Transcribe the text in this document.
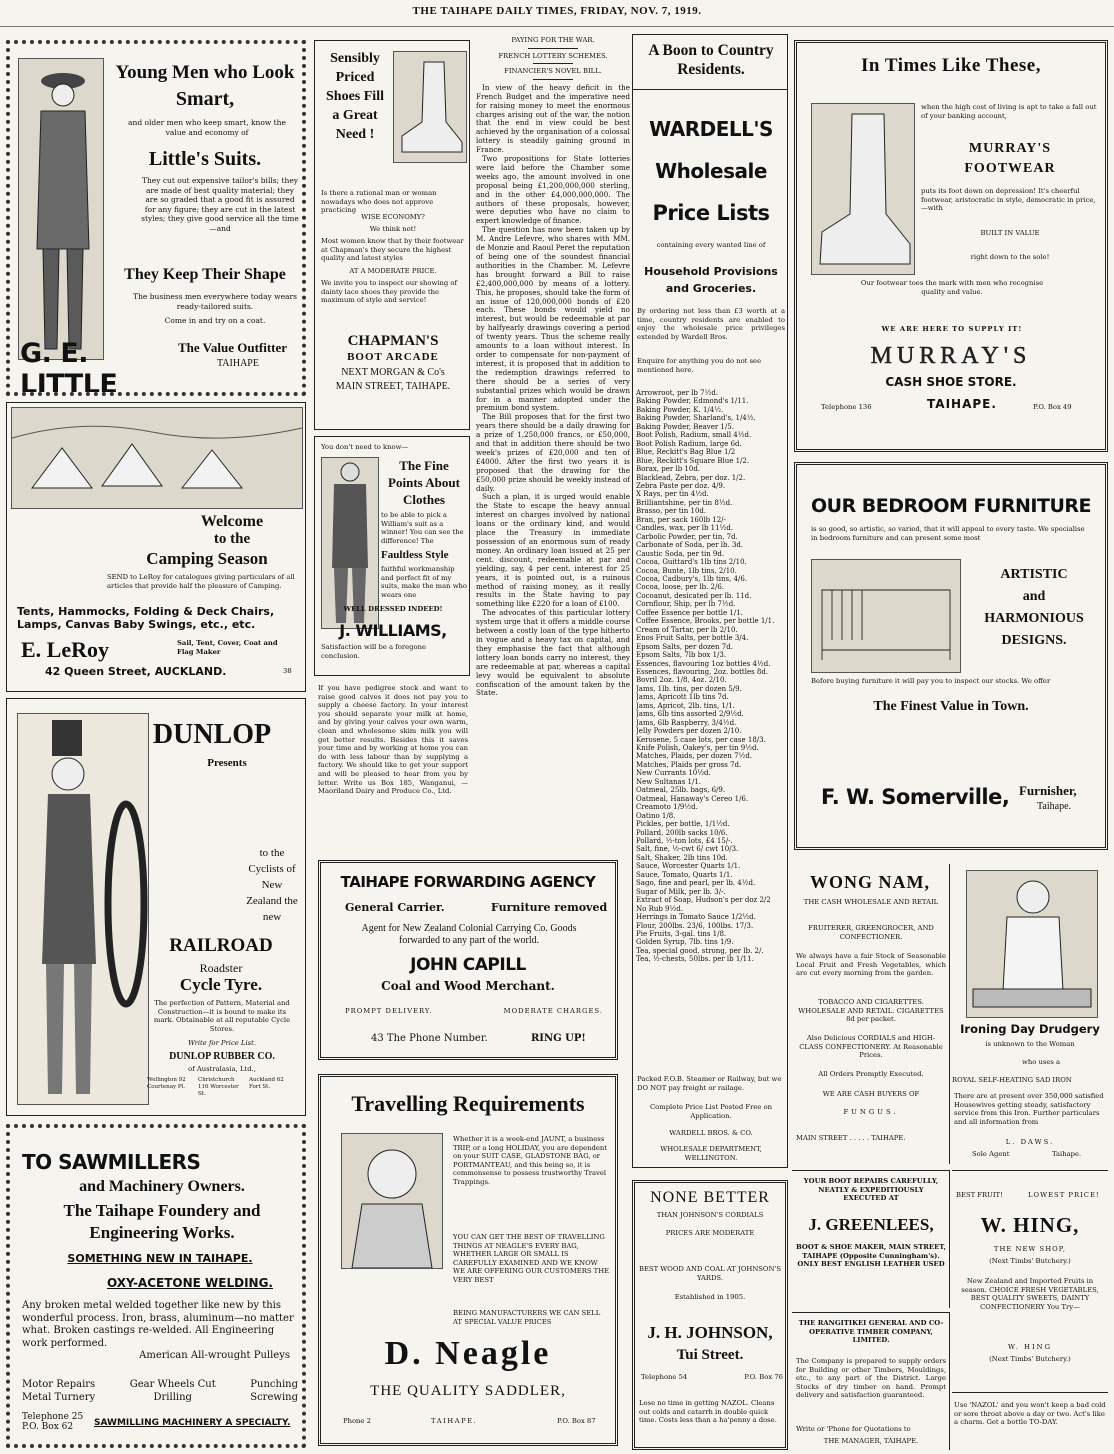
THE TAIHAPE DAILY TIMES, FRIDAY, NOV. 7, 1919.
Young Men who Look
Smart,
and older men who keep smart, know the value and economy of
Little's Suits.
They cut out expensive tailor's bills; they are made of best quality material; they are so graded that a good fit is assured for any figure; they are cut in the latest styles; they give good service all the time—and
They Keep Their Shape
The business men everywhere today wears ready-tailored suits.
Come in and try on a coat.
G. E. LITTLE
The Value Outfitter
TAIHAPE
Welcome
to the
Camping Season
SEND to LeRoy for catalogues giving particulars of all articles that provide half the pleasure of Camping.
Tents, Hammocks, Folding & Deck Chairs, Lamps, Canvas Baby Swings, etc., etc.
E. LeRoy	Sail, Tent, Cover, Coat and Flag Maker
42 Queen Street, AUCKLAND.	38
DUNLOP
Presents
to the Cyclists of New Zealand the new
RAILROAD
Roadster
Cycle Tyre.
The perfection of Pattern, Material and Construction—it is bound to make its mark. Obtainable at all reputable Cycle Stores.
Write for Price List.
DUNLOP RUBBER CO.
of Australasia, Ltd.,
Wellington 92 Courtenay Pl.
Christchurch 116 Worcester St.
Auckland 62 Fort St.
TO SAWMILLERS
and Machinery Owners.
The Taihape Foundery and Engineering Works.
SOMETHING NEW IN TAIHAPE.
OXY-ACETONE WELDING.
Any broken metal welded together like new by this wonderful process. Iron, brass, aluminum—no matter what. Broken castings re-welded. All Engineering work performed.
American All-wrought Pulleys
Motor Repairs	Gear Wheels Cut	Punching
Metal Turnery	Drilling	Screwing
Telephone 25
P.O. Box 62	SAWMILLING MACHINERY A SPECIALTY.
Sensibly Priced Shoes Fill a Great Need !
Is there a rational man or woman nowadays who does not approve practicing
WISE ECONOMY?
We think not!
Most women know that by their footwear at Chapman's they secure the highest quality and latest styles
AT A MODERATE PRICE.
We invite you to inspect our showing of dainty lace shoes they provide the maximum of style and service!
CHAPMAN'S
BOOT ARCADE
NEXT MORGAN & Co's
MAIN STREET, TAIHAPE.
You don't need to know—
The Fine Points About Clothes
to be able to pick a William's suit as a winner! You can see the difference! The
Faultless Style
faithful workmanship and perfect fit of my suits, make the man who wears one
WELL DRESSED INDEED!
J. WILLIAMS,
Satisfaction will be a foregone conclusion.
If you have pedigree stock and want to raise good calves it does not pay you to supply a cheese factory. In your interest you should separate your milk at home, and by giving your calves your own warm, clean and wholesome skim milk you will get better results. Besides this it saves your time and by working at home you can do with less labour than by supplying a factory. We should like to get your support and will be pleased to hear from you by letter. Write us Box 185, Wanganui, —Maoriland Dairy and Produce Co., Ltd.
TAIHAPE FORWARDING AGENCY
General Carrier.	Furniture removed
Agent for New Zealand Colonial Carrying Co. Goods forwarded to any part of the world.
JOHN CAPILL
Coal and Wood Merchant.
PROMPT DELIVERY.	MODERATE CHARGES.
43 The Phone Number.	RING UP!
Travelling Requirements
Whether it is a week-end JAUNT, a business TRIP, or a long HOLIDAY, you are dependent on your SUIT CASE, GLADSTONE BAG, or PORTMANTEAU, and this being so, it is commonsense to possess trustworthy Travel Trappings.
YOU CAN GET THE BEST OF TRAVELLING THINGS AT NEAGLE'S EVERY BAG, WHETHER LARGE OR SMALL IS CAREFULLY EXAMINED AND WE KNOW WE ARE OFFERING OUR CUSTOMERS THE VERY BEST
BEING MANUFACTURERS WE CAN SELL AT SPECIAL VALUE PRICES
D. Neagle
THE QUALITY SADDLER,
Phone 2	TAIHAPE.	P.O. Box 87
PAYING FOR THE WAR.
FRENCH LOTTERY SCHEMES.
FINANCIER'S NOVEL BILL.

In view of the heavy deficit in the French Budget and the imperative need for raising money to meet the enormous charges arising out of the war, the notion that the end in view could be best achieved by the organisation of a colossal lottery is steadily gaining ground in France.

Two propositions for State lotteries were laid before the Chamber some weeks ago, the amount involved in one proposal being £1,200,000,000 sterling, and in the other £4,000,000,000. The authors of these proposals, however, were deputies who have no claim to expert knowledge of finance.

The question has now been taken up by M. Andre Lefevre, who shares with MM. de Monzie and Raoul Peret the reputation of being one of the soundest financial authorities in the Chamber. M. Lefevre has brought forward a Bill to raise £2,400,000,000 by means of a lottery. This, he proposes, should take the form of an issue of 120,000,000 bonds of £20 each. These bonds would yield no interest, but would be redeemable at par by halfyearly drawings covering a period of twenty years. Thus the scheme really amounts to a loan without interest. In order to compensate for non-payment of interest, it is proposed that in addition to the redemption drawings referred to there should be a series of very substantial prizes which would be drawn for in a manner adopted under the premium bond system.

The Bill proposes that for the first two years there should be a daily drawing for a prize of 1,250,000 francs, or £50,000, and that in addition there should be two week's prizes of £20,000 and ten of £4000. After the first two years it is proposed that the drawing for the £50,000 prize should be weekly instead of daily.

Such a plan, it is urged would enable the State to escape the heavy annual interest on charges involved by national loans or the ordinary kind, and would place the Treasury in immediate possession of an enormous sum of ready money. An ordinary loan issued at 25 per cent. discount, redeemable at par and yielding, say, 4 per cent. interest for 25 years, it is pointed out, is a ruinous method of raising money, as it really results in the State having to pay something like £220 for a loan of £100.

The advocates of this particular lottery system urge that it offers a middle course between a costly loan of the type hitherto in vogue and a heavy tax on capital, and they emphasise the fact that although lottery loan bonds carry no interest, they are redeemable at par, whereas a capital levy would be equivalent to absolute confiscation of the amount taken by the State.

A Boon to Country Residents.
WARDELL'S
Wholesale
Price Lists
containing every wanted line of
Household Provisions and Groceries.
By ordering not less than £3 worth at a time, country residents are enabled to enjoy the wholesale price privileges extended by Wardell Bros.
Enquire for anything you do not see mentioned here.
Arrowroot, per lb 7½d.
Baking Powder, Edmond's 1/11.
Baking Powder, K. 1/4½.
Baking Powder, Sharland's, 1/4½.
Baking Powder, Beaver 1/5.
Boot Polish, Radium, small 4½d.
Boot Polish Radium, large 6d.
Blue, Reckitt's Bag Blue 1/2
Blue, Reckitt's Square Blue 1/2.
Borax, per lb 10d.
Blacklead, Zebra, per doz. 1/2.
Zebra Paste per doz. 4/9.
X Rays, per tin 4½d.
Brilliantshine, per tin 8½d.
Brasso, per tin 10d.
Bran, per sack 160lb 12/-
Candles, wax, per lb 11½d.
Carbolic Powder, per tin, 7d.
Carbonate of Soda, per lb. 3d.
Caustic Soda, per tin 9d.
Cocoa, Guittard's 1lb tins 2/10.
Cocoa, Bunte, 1lb tins, 2/10.
Cocoa, Cadbury's, 1lb tins, 4/6.
Cocoa, loose, per lb. 2/6.
Cocoanut, desicated per lb. 11d.
Cornflour, Ship, per lb 7½d.
Coffee Essence per bottle 1/1.
Coffee Essence, Brooks, per bottle 1/1.
Cream of Tartar, per lb 2/10.
Enos Fruit Salts, per bottle 3/4.
Epsom Salts, per dozen 7d.
Epsom Salts, 7lb box 1/3.
Essences, flavouring 1oz bottles 4½d.
Essences, flavouring, 2oz. bottles 8d.
Bovril 2oz. 1/8, 4oz. 2/10.
Jams, 1lb. tins, per dozen 5/9.
Jams, Apricott 1lb tins 7d.
Jams, Apricot, 2lb. tins, 1/1.
Jams, 6lb tins assorted 2/9½d.
Jams, 6lb Raspberry, 3/4½d.
Jelly Powders per dozen 2/10.
Kerosene, 5 case lots, per case 18/3.
Knife Polish, Oakey's, per tin 9½d.
Matches, Plaids, per dozen 7½d.
Matches, Plaids per gross 7d.
New Currants 10½d.
New Sultanas 1/1.
Oatmeal, 25lb. bags, 6/9.
Oatmeal, Hanaway's Cereo 1/6.
Creamoto 1/9½d.
Oatino 1/8.
Pickles, per bottle, 1/1½d.
Pollard, 200lb sacks 10/6.
Pollard, ½-ton lots, £4 15/-.
Salt, fine, ½-cwt 6/ cwt 10/3.
Salt, Shaker, 2lb tins 10d.
Sauce, Worcester Quarts 1/1.
Sauce, Tomato, Quarts 1/1.
Sago, fine and pearl, per lb. 4½d.
Sugar of Milk, per lb. 3/-.
Extract of Soap, Hudson's per doz 2/2
No Rub 9½d.
Herrings in Tomato Sauce 1/2½d.
Flour, 200lbs. 23/6, 100lbs. 17/3.
Pie Fruits, 3-gal. tins 1/8.
Golden Syrup, 7lb. tins 1/9.
Tea, special good, strong, per lb. 2/.
Tea, ½-chests, 50lbs. per lb 1/11.
Packed F.O.B. Steamer or Railway, but we DO NOT pay freight or railage.
Complete Price List Posted Free on Application.
WARDELL BROS. & CO.
WHOLESALE DEPARTMENT, WELLINGTON.
NONE BETTER
THAN JOHNSON'S CORDIALS
PRICES ARE MODERATE
BEST WOOD AND COAL AT JOHNSON'S YARDS.
Established in 1905.
J. H. JOHNSON,
Tui Street.
Telephone 54	P.O. Box 76
Lose no time in getting NAZOL. Cleans out colds and catarrh in double quick time. Costs less than a ha'penny a dose.
In Times Like These,
when the high cost of living is apt to take a fall out of your banking account,
MURRAY'S
FOOTWEAR
puts its foot down on depression! It's cheerful footwear, aristocratic in style, democratic in price,—with
BUILT IN VALUE
right down to the sole!
Our footwear toes the mark with men who recognise quality and value.
WE ARE HERE TO SUPPLY IT!
MURRAY'S
CASH SHOE STORE.
Telephone 136	TAIHAPE.	P.O. Box 49
OUR BEDROOM FURNITURE
is so good, so artistic, so varied, that it will appeal to every taste. We specialise in bedroom furniture and can present some most
ARTISTIC
and
HARMONIOUS
DESIGNS.
Before buying furniture it will pay you to inspect our stocks. We offer
The Finest Value in Town.
F. W. Somerville, Furnisher,
Taihape.
WONG NAM,
THE CASH WHOLESALE AND RETAIL
FRUITERER, GREENGROCER, AND CONFECTIONER.
We always have a fair Stock of Seasonable Local Fruit and Fresh Vegetables, which are cut every morning from the garden.
TOBACCO AND CIGARETTES. WHOLESALE AND RETAIL. CIGARETTES 8d per packet.
Also Delicious CORDIALS and HIGH-CLASS CONFECTIONERY. At Reasonable Prices.
All Orders Promptly Executed.
WE ARE CASH BUYERS OF
FUNGUS.
MAIN STREET . . . . . TAIHAPE.
Ironing Day Drudgery
is unknown to the Woman
who uses a
ROYAL SELF-HEATING SAD IRON
There are at present over 350,000 satisfied Housewives getting steady, satisfactory service from this Iron. Further particulars and all information from
L. DAWS.
Sole Agent	Taihape.
YOUR BOOT REPAIRS CAREFULLY, NEATLY & EXPEDITIOUSLY EXECUTED AT
J. GREENLEES,
BOOT & SHOE MAKER, MAIN STREET, TAIHAPE (Opposite Cunningham's). ONLY BEST ENGLISH LEATHER USED
THE RANGITIKEI GENERAL AND CO-OPERATIVE TIMBER COMPANY, LIMITED.
The Company is prepared to supply orders for Building or other Timbers, Mouldings, etc., to any part of the District. Large Stocks of dry timber on hand. Prompt delivery and satisfaction guaranteed.
Write or 'Phone for Quotations to
THE MANAGER, TAIHAPE.
BEST FRUIT!	LOWEST PRICE!
W. HING,
THE NEW SHOP,
(Next Timbs' Butchery.)
New Zealand and Imported Fruits in season. CHOICE FRESH VEGETABLES, BEST QUALITY SWEETS, DAINTY CONFECTIONERY You Try—
W. HING
(Next Timbs' Butchery.)
Use 'NAZOL' and you won't keep a bad cold or sore throat above a day or two. Act's like a charm. Get a bottle TO-DAY.
